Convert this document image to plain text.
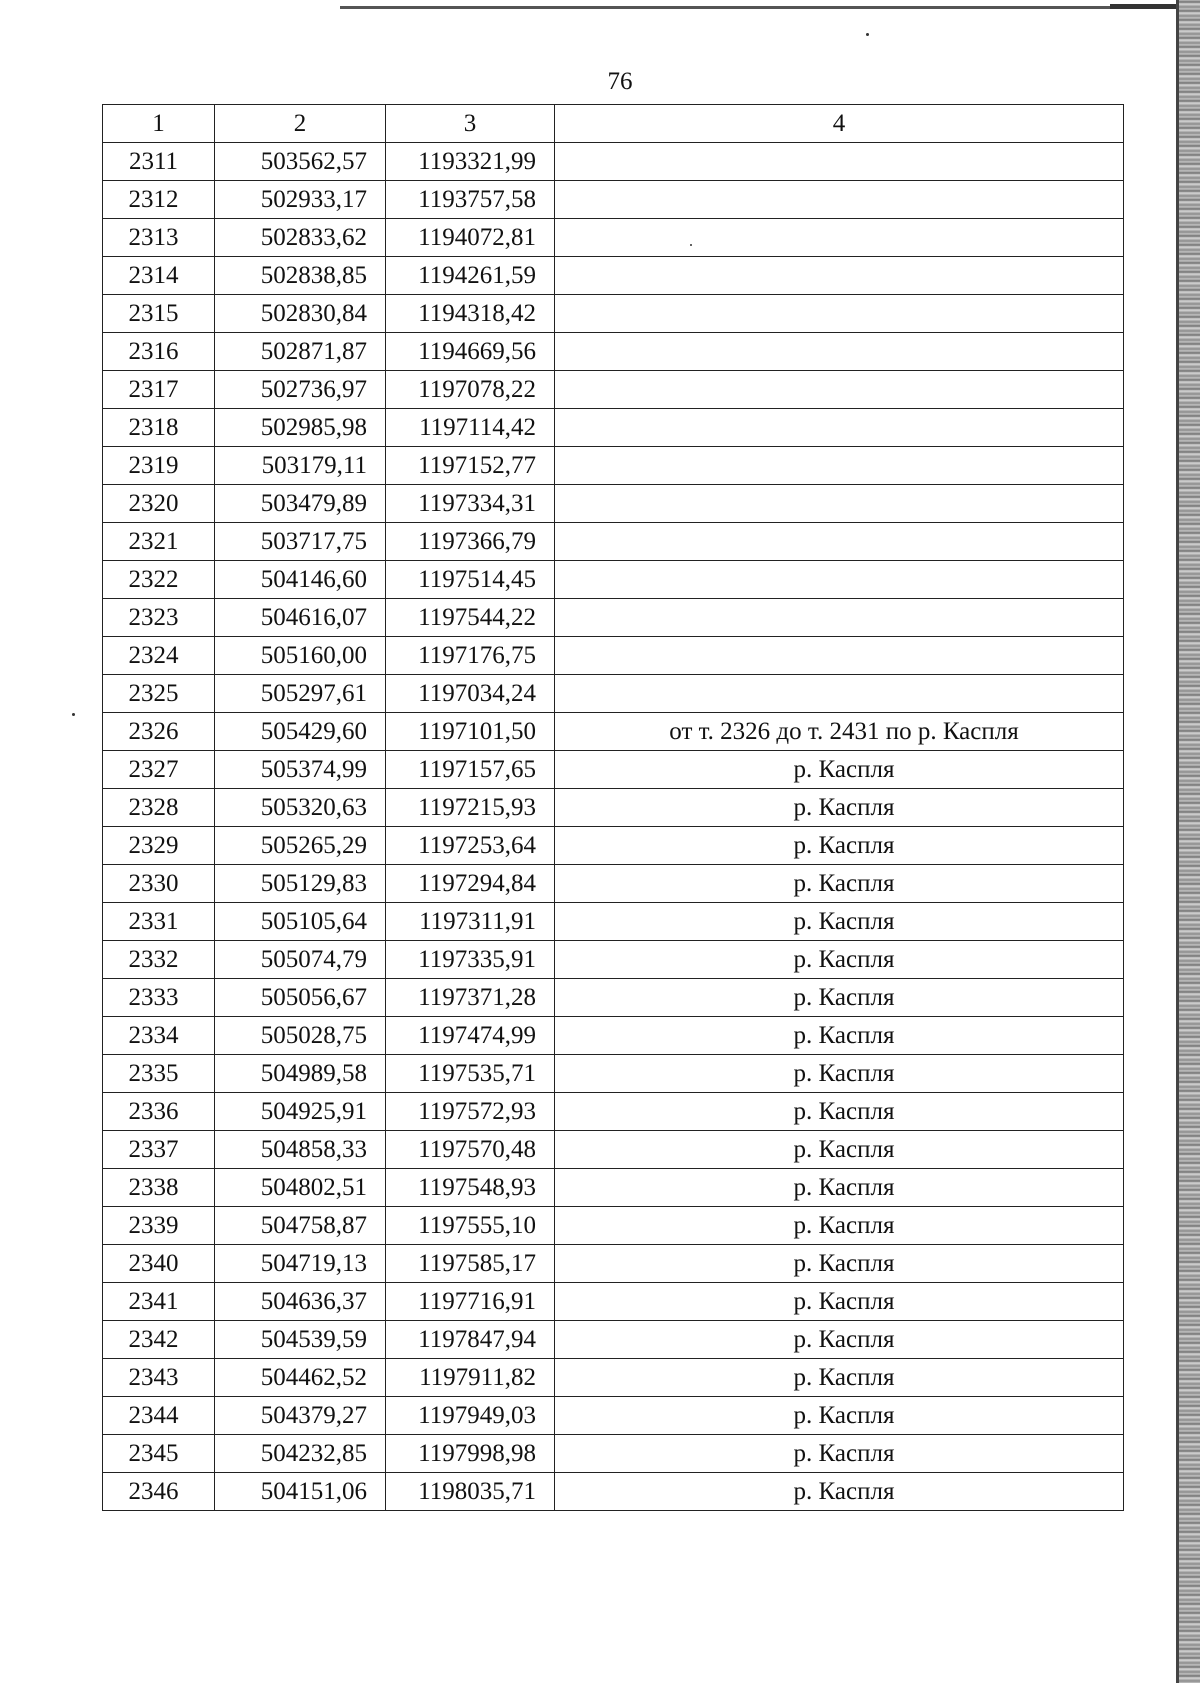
76
1	2	3	4
2311	503562,57	1193321,99	
2312	502933,17	1193757,58	
2313	502833,62	1194072,81	
2314	502838,85	1194261,59	
2315	502830,84	1194318,42	
2316	502871,87	1194669,56	
2317	502736,97	1197078,22	
2318	502985,98	1197114,42	
2319	503179,11	1197152,77	
2320	503479,89	1197334,31	
2321	503717,75	1197366,79	
2322	504146,60	1197514,45	
2323	504616,07	1197544,22	
2324	505160,00	1197176,75	
2325	505297,61	1197034,24	
2326	505429,60	1197101,50	от т. 2326 до т. 2431 по р. Каспля
2327	505374,99	1197157,65	р. Каспля
2328	505320,63	1197215,93	р. Каспля
2329	505265,29	1197253,64	р. Каспля
2330	505129,83	1197294,84	р. Каспля
2331	505105,64	1197311,91	р. Каспля
2332	505074,79	1197335,91	р. Каспля
2333	505056,67	1197371,28	р. Каспля
2334	505028,75	1197474,99	р. Каспля
2335	504989,58	1197535,71	р. Каспля
2336	504925,91	1197572,93	р. Каспля
2337	504858,33	1197570,48	р. Каспля
2338	504802,51	1197548,93	р. Каспля
2339	504758,87	1197555,10	р. Каспля
2340	504719,13	1197585,17	р. Каспля
2341	504636,37	1197716,91	р. Каспля
2342	504539,59	1197847,94	р. Каспля
2343	504462,52	1197911,82	р. Каспля
2344	504379,27	1197949,03	р. Каспля
2345	504232,85	1197998,98	р. Каспля
2346	504151,06	1198035,71	р. Каспля
